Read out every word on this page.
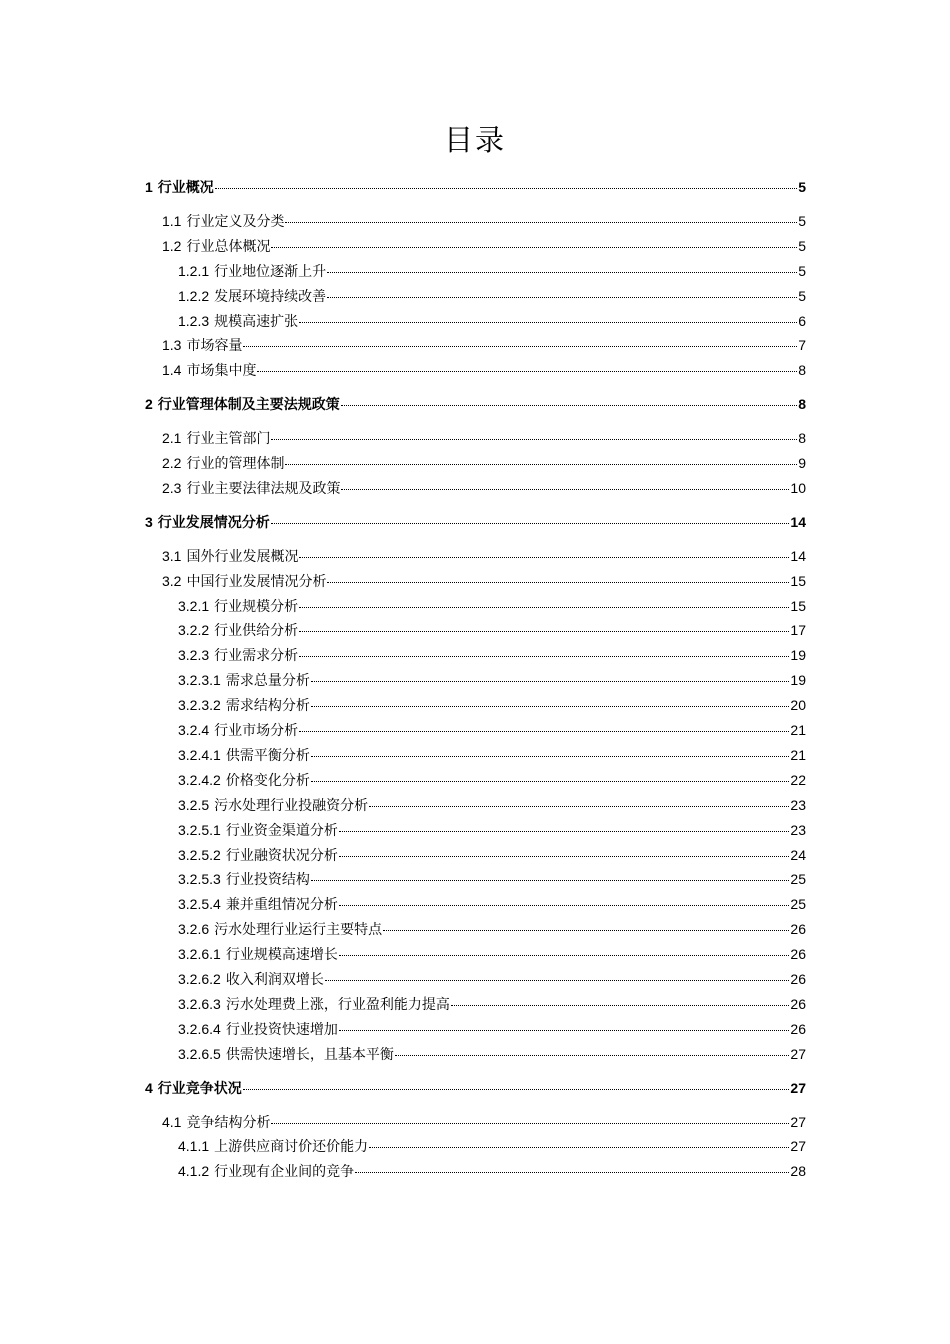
目录
1 行业概况	5
1.1 行业定义及分类	5
1.2 行业总体概况	5
1.2.1 行业地位逐渐上升	5
1.2.2 发展环境持续改善	5
1.2.3 规模高速扩张	6
1.3 市场容量	7
1.4 市场集中度	8
2 行业管理体制及主要法规政策	8
2.1 行业主管部门	8
2.2 行业的管理体制	9
2.3 行业主要法律法规及政策	10
3 行业发展情况分析	14
3.1 国外行业发展概况	14
3.2 中国行业发展情况分析	15
3.2.1 行业规模分析	15
3.2.2 行业供给分析	17
3.2.3 行业需求分析	19
3.2.3.1 需求总量分析	19
3.2.3.2 需求结构分析	20
3.2.4 行业市场分析	21
3.2.4.1 供需平衡分析	21
3.2.4.2 价格变化分析	22
3.2.5 污水处理行业投融资分析	23
3.2.5.1 行业资金渠道分析	23
3.2.5.2 行业融资状况分析	24
3.2.5.3 行业投资结构	25
3.2.5.4 兼并重组情况分析	25
3.2.6 污水处理行业运行主要特点	26
3.2.6.1 行业规模高速增长	26
3.2.6.2 收入利润双增长	26
3.2.6.3 污水处理费上涨，行业盈利能力提高	26
3.2.6.4 行业投资快速增加	26
3.2.6.5 供需快速增长，且基本平衡	27
4 行业竞争状况	27
4.1 竞争结构分析	27
4.1.1 上游供应商讨价还价能力	27
4.1.2 行业现有企业间的竞争	28
